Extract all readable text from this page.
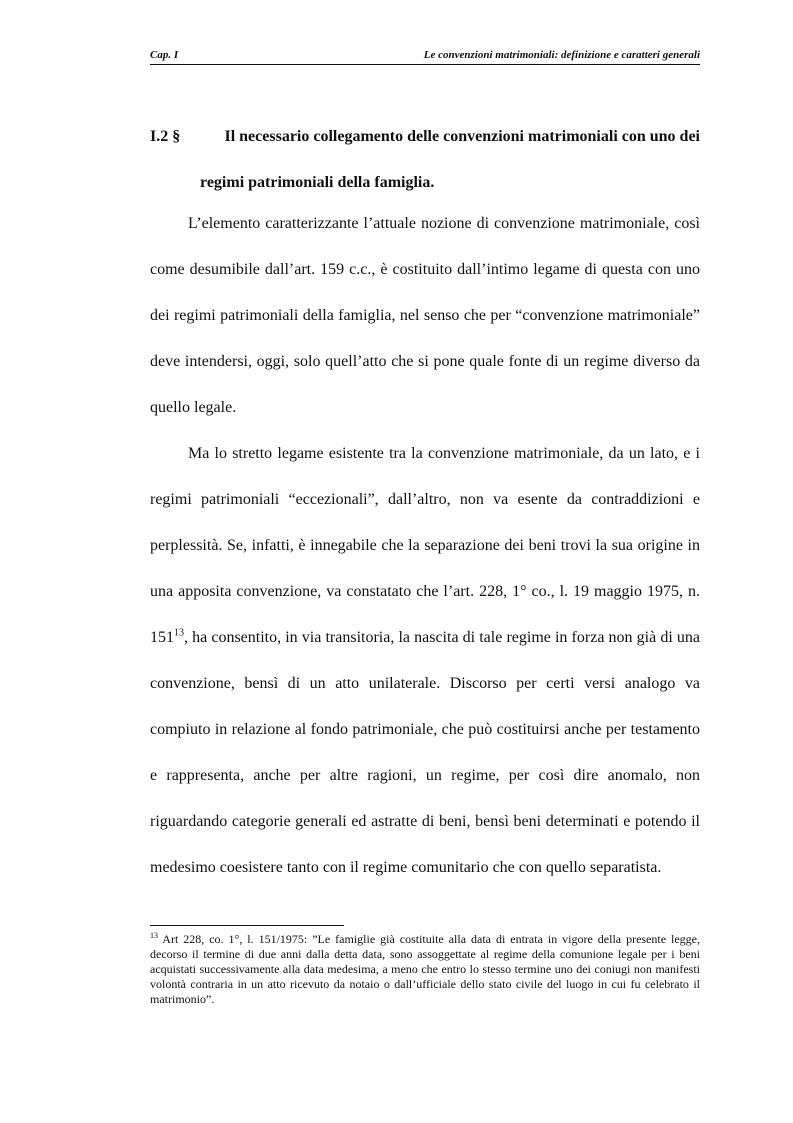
Cap. I	Le convenzioni matrimoniali: definizione e caratteri generali
I.2 §	Il necessario collegamento delle convenzioni matrimoniali con uno dei
regimi patrimoniali della famiglia.

L’elemento caratterizzante l’attuale nozione di convenzione matrimoniale, così come desumibile dall’art. 159 c.c., è costituito dall’intimo legame di questa con uno dei regimi patrimoniali della famiglia, nel senso che per “convenzione matrimoniale” deve intendersi, oggi, solo quell’atto che si pone quale fonte di un regime diverso da quello legale.

Ma lo stretto legame esistente tra la convenzione matrimoniale, da un lato, e i regimi patrimoniali “eccezionali”, dall’altro, non va esente da contraddizioni e perplessità. Se, infatti, è innegabile che la separazione dei beni trovi la sua origine in una apposita convenzione, va constatato che l’art. 228, 1° co., l. 19 maggio 1975, n. $151^{13}$, ha consentito, in via transitoria, la nascita di tale regime in forza non già di una convenzione, bensì di un atto unilaterale. Discorso per certi versi analogo va compiuto in relazione al fondo patrimoniale, che può costituirsi anche per testamento e rappresenta, anche per altre ragioni, un regime, per così dire anomalo, non riguardando categorie generali ed astratte di beni, bensì beni determinati e potendo il medesimo coesistere tanto con il regime comunitario che con quello separatista.

$^{13}$ Art 228, co. 1°, l. 151/1975: ”Le famiglie già costituite alla data di entrata in vigore della presente legge, decorso il termine di due anni dalla detta data, sono assoggettate al regime della comunione legale per i beni acquistati successivamente alla data medesima, a meno che entro lo stesso termine uno dei coniugi non manifesti volontà contraria in un atto ricevuto da notaio o dall’ufficiale dello stato civile del luogo in cui fu celebrato il matrimonio”.
